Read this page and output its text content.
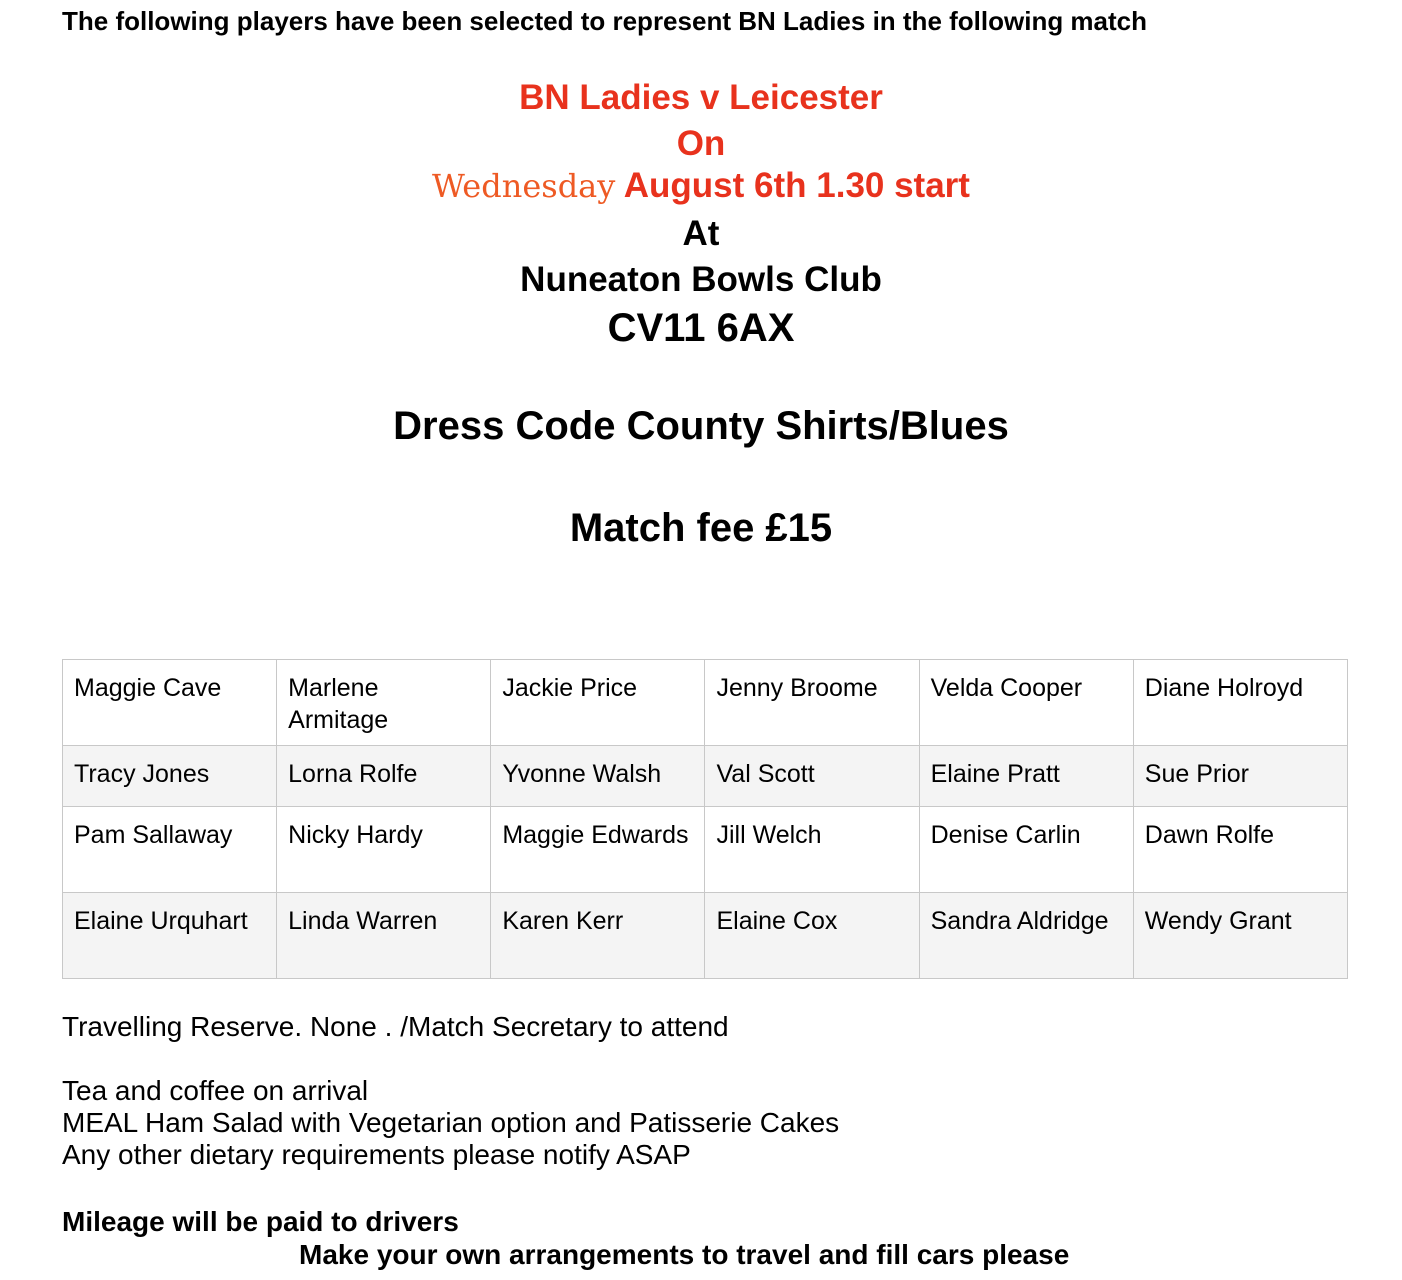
The following players have been selected to represent BN Ladies in the following match
BN Ladies v Leicester
On
Wednesday August 6th 1.30 start
At
Nuneaton Bowls Club
CV11 6AX
Dress Code County Shirts/Blues
Match fee £15
Maggie Cave	Marlene Armitage	Jackie Price	Jenny Broome	Velda Cooper	Diane Holroyd
Tracy Jones	Lorna Rolfe	Yvonne Walsh	Val Scott	Elaine Pratt	Sue Prior
Pam Sallaway	Nicky Hardy	Maggie Edwards	Jill Welch	Denise Carlin	Dawn Rolfe
Elaine Urquhart	Linda Warren	Karen Kerr	Elaine Cox	Sandra Aldridge	Wendy Grant
Travelling Reserve. None . /Match Secretary to attend
Tea and coffee on arrival
MEAL Ham Salad with Vegetarian option and Patisserie Cakes
Any other dietary requirements please notify ASAP
Mileage will be paid to drivers
Make your own arrangements to travel and fill cars please
